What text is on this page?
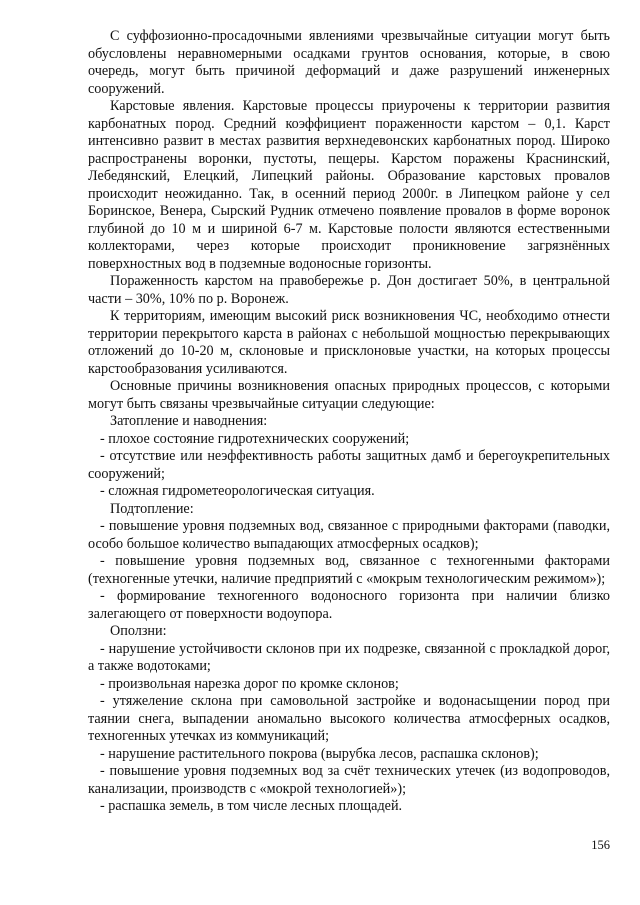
С суффозионно-просадочными явлениями чрезвычайные ситуации могут быть обусловлены неравномерными осадками грунтов основания, которые, в свою очередь, могут быть причиной деформаций и даже разрушений инженерных сооружений.

Карстовые явления. Карстовые процессы приурочены к территории развития карбонатных пород. Средний коэффициент пораженности карстом – 0,1. Карст интенсивно развит в местах развития верхнедевонских карбонатных пород. Широко распространены воронки, пустоты, пещеры. Карстом поражены Краснинский, Лебедянский, Елецкий, Липецкий районы. Образование карстовых провалов происходит неожиданно. Так, в осенний период 2000г. в Липецком районе у сел Боринское, Венера, Сырский Рудник отмечено появление провалов в форме воронок глубиной до 10 м и шириной 6-7 м. Карстовые полости являются естественными коллекторами, через которые происходит проникновение загрязнённых поверхностных вод в подземные водоносные горизонты.

Пораженность карстом на правобережье р. Дон достигает 50%, в центральной части – 30%, 10% по р. Воронеж.

К территориям, имеющим высокий риск возникновения ЧС, необходимо отнести территории перекрытого карста в районах с небольшой мощностью перекрывающих отложений до 10-20 м, склоновые и присклоновые участки, на которых процессы карстообразования усиливаются.

Основные причины возникновения опасных природных процессов, с которыми могут быть связаны чрезвычайные ситуации следующие:

Затопление и наводнения:

- плохое состояние гидротехнических сооружений;

- отсутствие или неэффективность работы защитных дамб и берегоукрепительных сооружений;

- сложная гидрометеорологическая ситуация.

Подтопление:

- повышение уровня подземных вод, связанное с природными факторами (паводки, особо большое количество выпадающих атмосферных осадков);

- повышение уровня подземных вод, связанное с техногенными факторами (техногенные утечки, наличие предприятий с «мокрым технологическим режимом»);

- формирование техногенного водоносного горизонта при наличии близко залегающего от поверхности водоупора.

Оползни:

- нарушение устойчивости склонов при их подрезке, связанной с прокладкой дорог, а также водотоками;

- произвольная нарезка дорог по кромке склонов;

- утяжеление склона при самовольной застройке и водонасыщении пород при таянии снега, выпадении аномально высокого количества атмосферных осадков, техногенных утечках из коммуникаций;

- нарушение растительного покрова (вырубка лесов, распашка склонов);

- повышение уровня подземных вод за счёт технических утечек (из водопроводов, канализации, производств с «мокрой технологией»);

- распашка земель, в том числе лесных площадей.

156
